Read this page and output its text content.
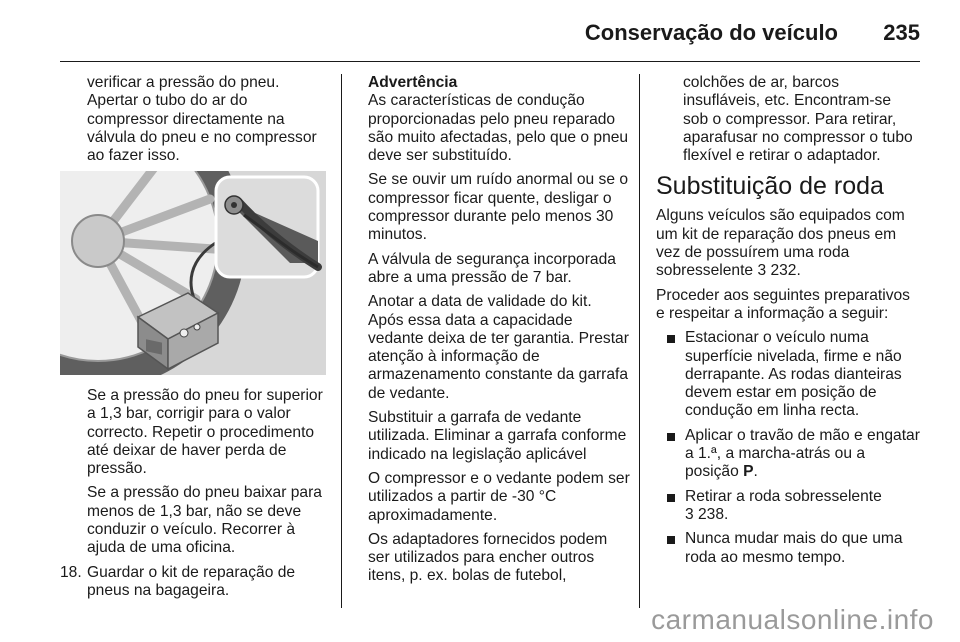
Conservação do veículo 235

verificar a pressão do pneu. Apertar o tubo do ar do compressor directamente na válvula do pneu e no compressor ao fazer isso.

Se a pressão do pneu for superior a 1,3 bar, corrigir para o valor correcto. Repetir o procedimento até deixar de haver perda de pressão.

Se a pressão do pneu baixar para menos de 1,3 bar, não se deve conduzir o veículo. Recorrer à ajuda de uma oficina.

18. Guardar o kit de reparação de pneus na bagageira.
Advertência
As características de condução proporcionadas pelo pneu reparado são muito afectadas, pelo que o pneu deve ser substituído.

Se se ouvir um ruído anormal ou se o compressor ficar quente, desligar o compressor durante pelo menos 30 minutos.

A válvula de segurança incorporada abre a uma pressão de 7 bar.

Anotar a data de validade do kit. Após essa data a capacidade vedante deixa de ter garantia. Prestar atenção à informação de armazenamento constante da garrafa de vedante.

Substituir a garrafa de vedante utilizada. Eliminar a garrafa conforme indicado na legislação aplicável

O compressor e o vedante podem ser utilizados a partir de -30 °C aproximadamente.

Os adaptadores fornecidos podem ser utilizados para encher outros itens, p. ex. bolas de futebol,

colchões de ar, barcos insufláveis, etc. Encontram-se sob o compressor. Para retirar, aparafusar no compressor o tubo flexível e retirar o adaptador.

Substituição de roda

Alguns veículos são equipados com um kit de reparação dos pneus em vez de possuírem uma roda sobresselente 3 232.

Proceder aos seguintes preparativos e respeitar a informação a seguir:

Estacionar o veículo numa superfície nivelada, firme e não derrapante. As rodas dianteiras devem estar em posição de condução em linha recta.
Aplicar o travão de mão e engatar a 1.ª, a marcha-atrás ou a posição P.
Retirar a roda sobresselente
3 238.
Nunca mudar mais do que uma roda ao mesmo tempo.
carmanualsonline.info
